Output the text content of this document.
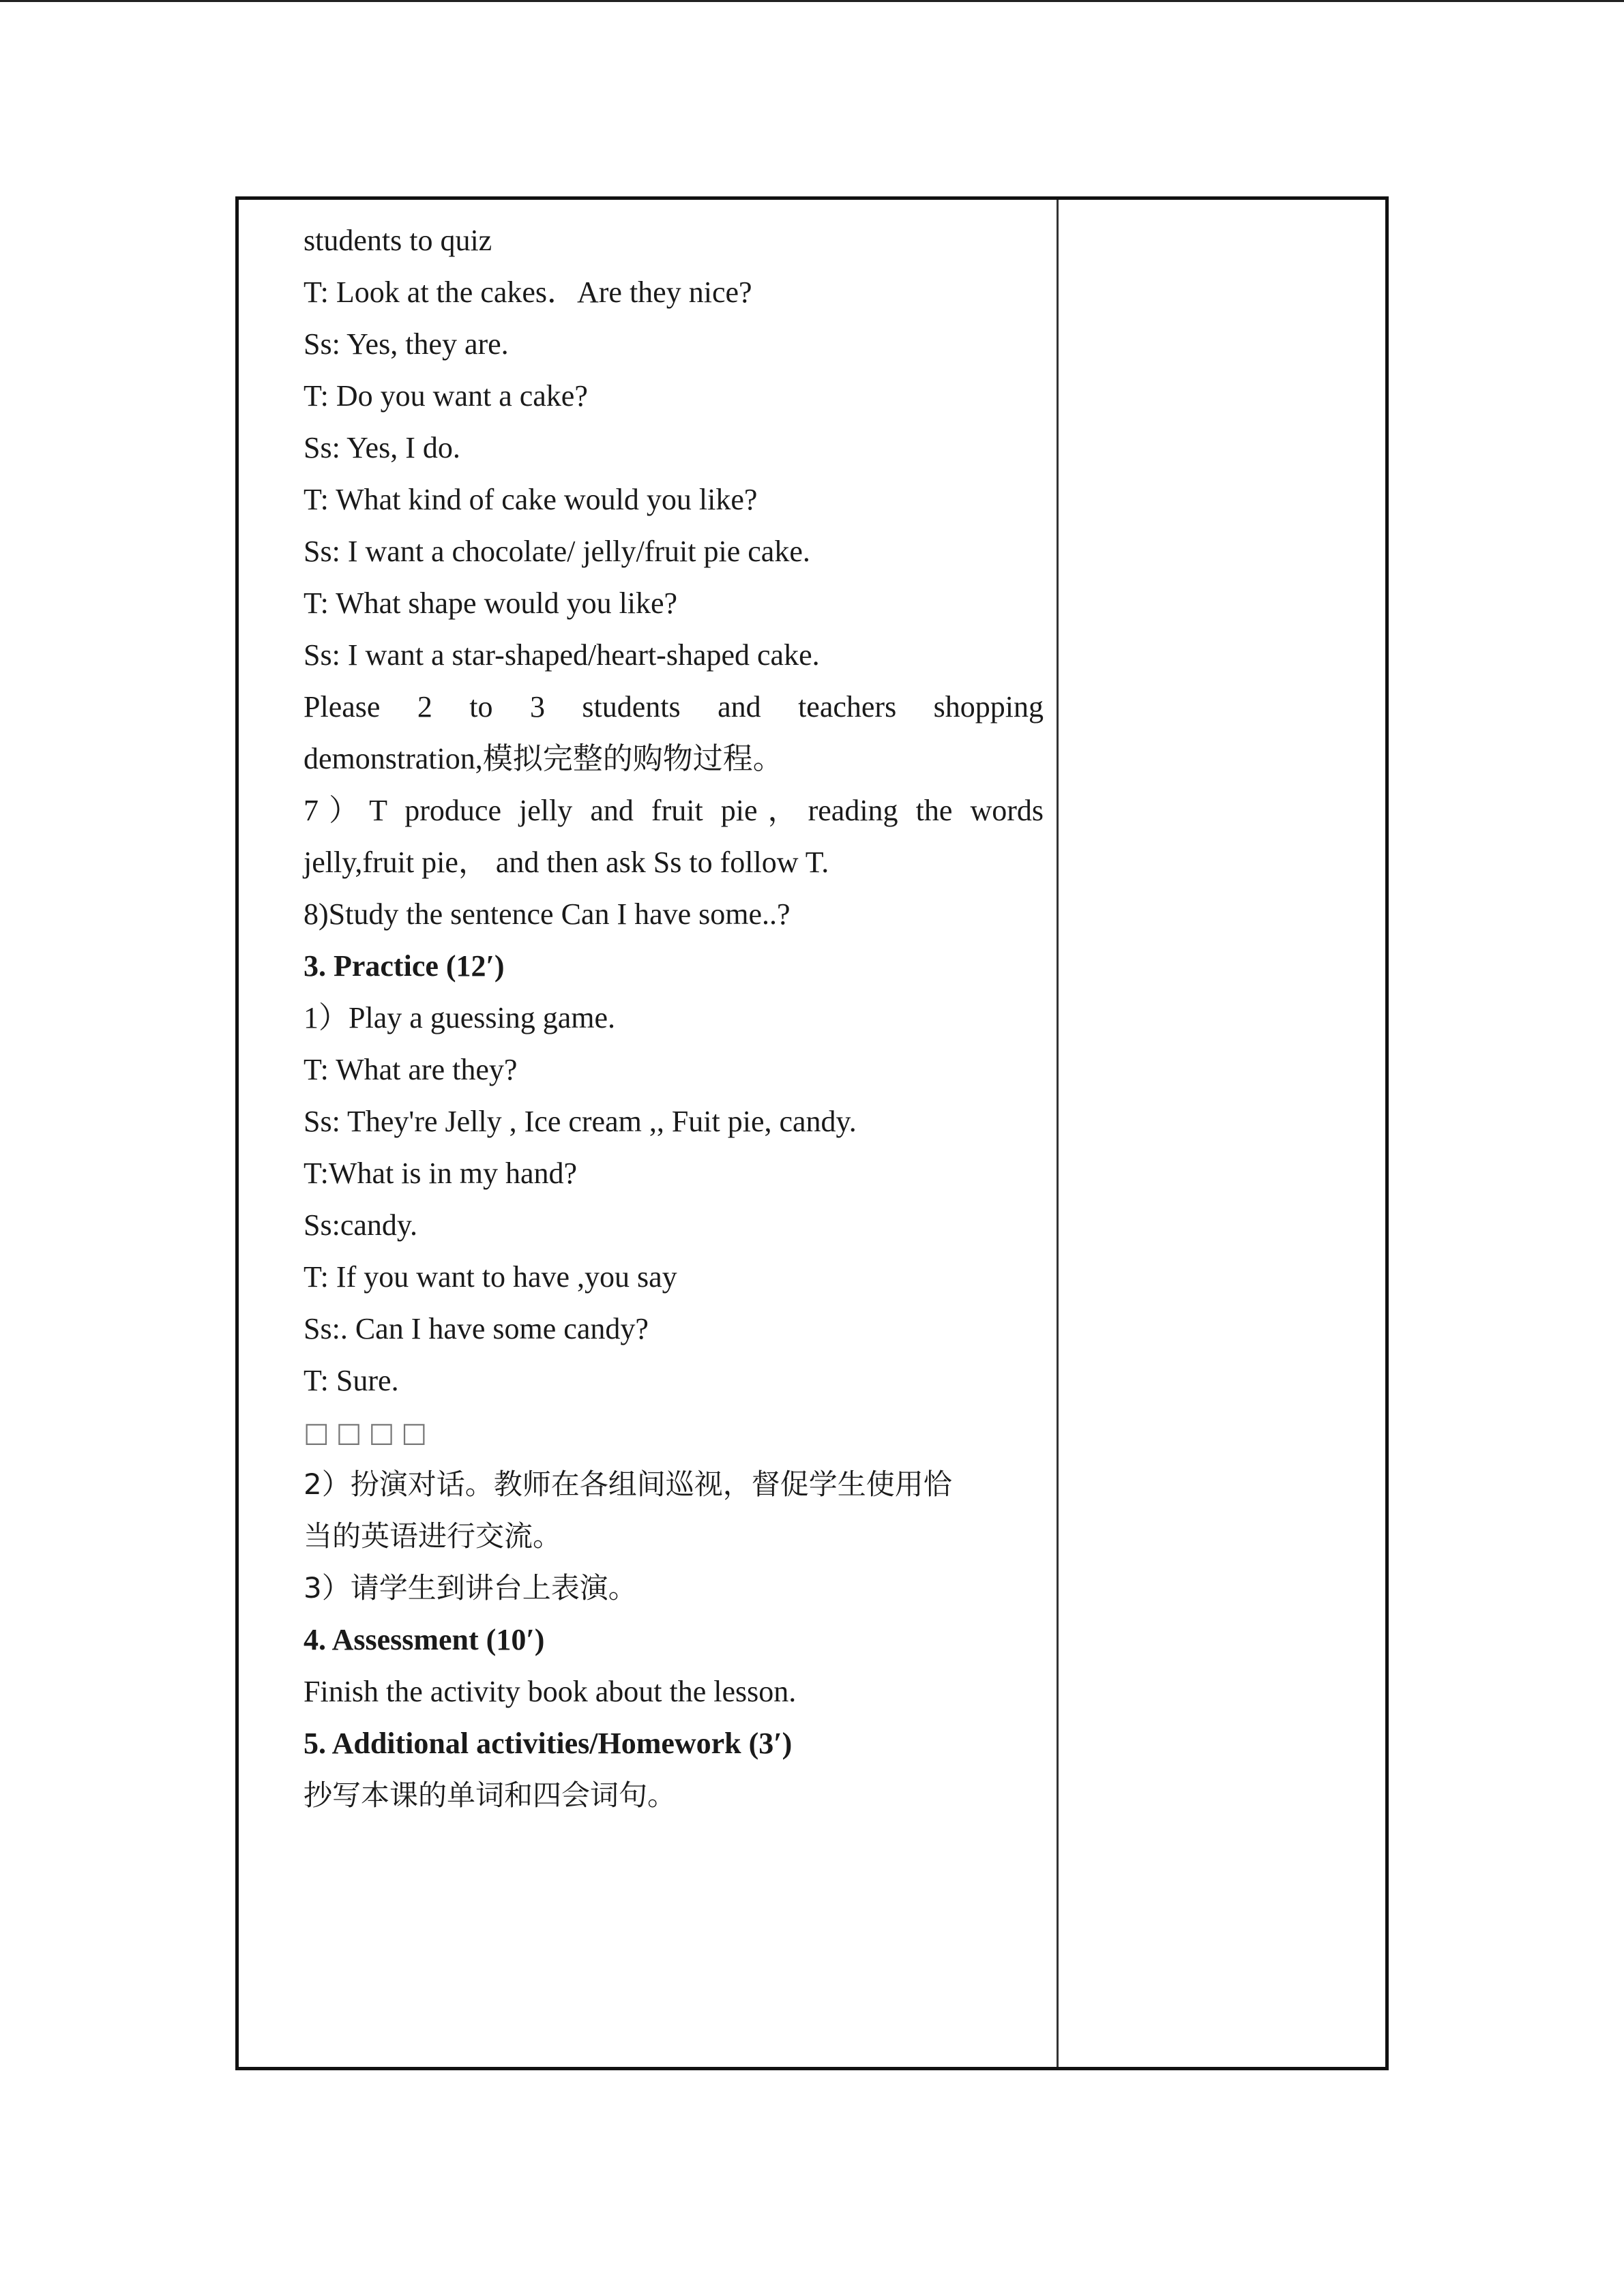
students to quiz
T: Look at the cakes．Are they nice?
Ss: Yes, they are.
T: Do you want a cake?
Ss: Yes, I do.
T: What kind of cake would you like?
Ss: I want a chocolate/ jelly/fruit pie cake.
T: What shape would you like?
Ss: I want a star-shaped/heart-shaped cake.
Please 2 to 3 students and teachers shopping
demonstration,模拟完整的购物过程。
7）T produce jelly and fruit pie，reading the words
jelly,fruit pie， and then ask Ss to follow T.
8)Study the sentence Can I have some..?
3. Practice (12′)
1）Play a guessing game.
T: What are they?
Ss: They're Jelly , Ice cream ,, Fuit pie, candy.
T:What is in my hand?
Ss:candy.
T: If you want to have ,you say
Ss:. Can I have some candy?
T: Sure.
□□□□
2）扮演对话。教师在各组间巡视，督促学生使用恰
当的英语进行交流。
3）请学生到讲台上表演。
4. Assessment (10′)
Finish the activity book about the lesson.
5. Additional activities/Homework (3′)
抄写本课的单词和四会词句。
